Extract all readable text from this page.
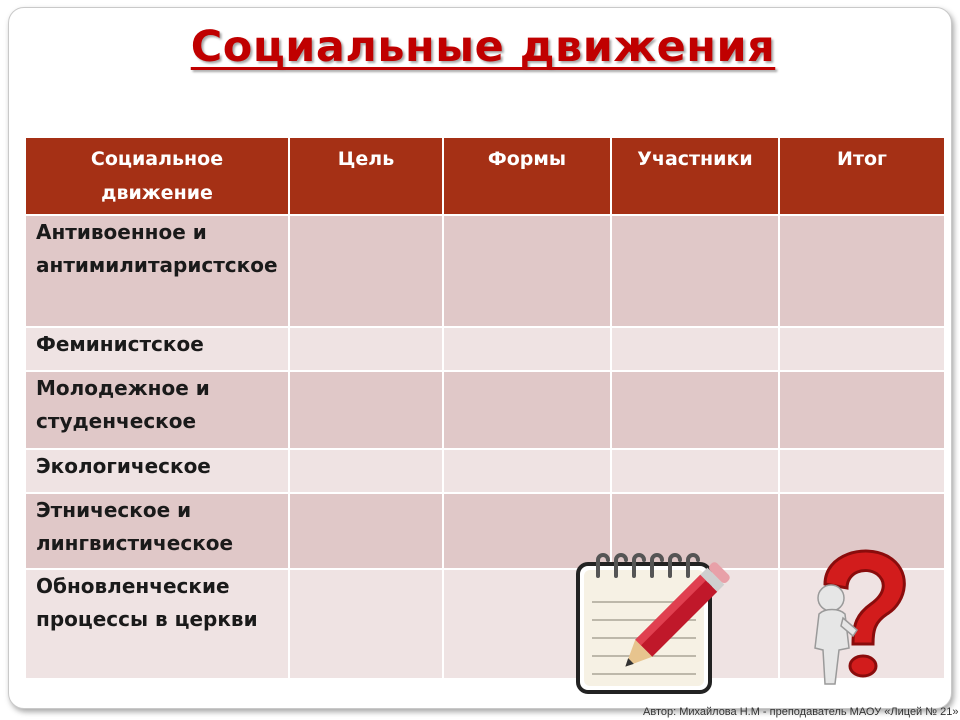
Социальные движения
Социальное движение	Цель	Формы	Участники	Итог
Антивоенное и антимилитаристское				
Феминистское				
Молодежное и студенческое				
Экологическое				
Этническое и лингвистическое				
Обновленческие процессы в церкви				
Автор: Михайлова Н.М - преподаватель МАОУ «Лицей № 21»
